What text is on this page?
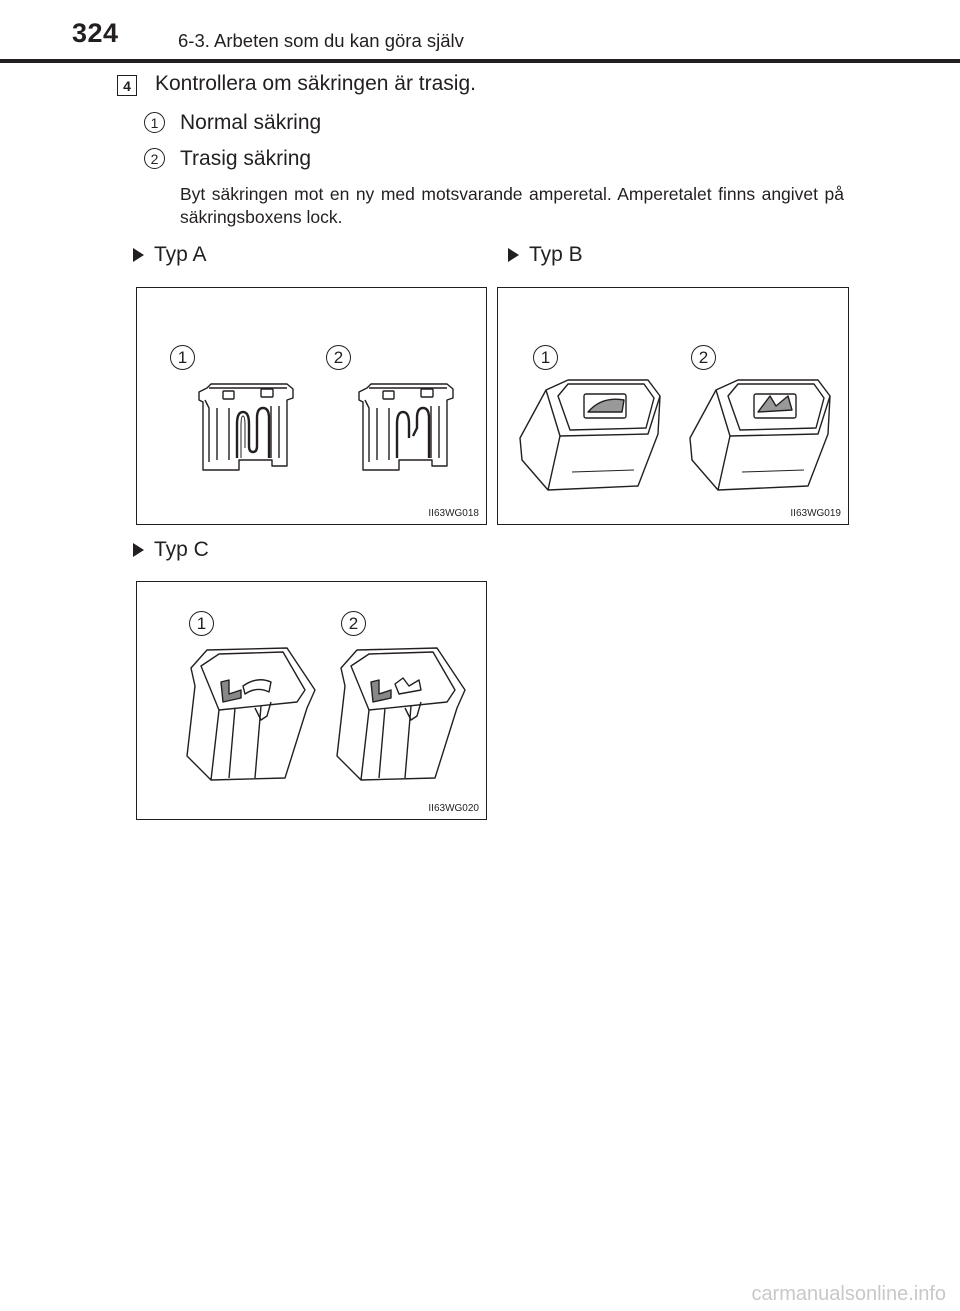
324	6-3. Arbeten som du kan göra själv
4 Kontrollera om säkringen är trasig.
1	Normal säkring
2	Trasig säkring
Byt säkringen mot en ny med motsvarande amperetal. Amperetalet finns angivet på säkringsboxens lock.
Typ A	Typ B
1	2
II63WG018
1	2
II63WG019
Typ C
1	2
II63WG020
carmanualsonline.info
